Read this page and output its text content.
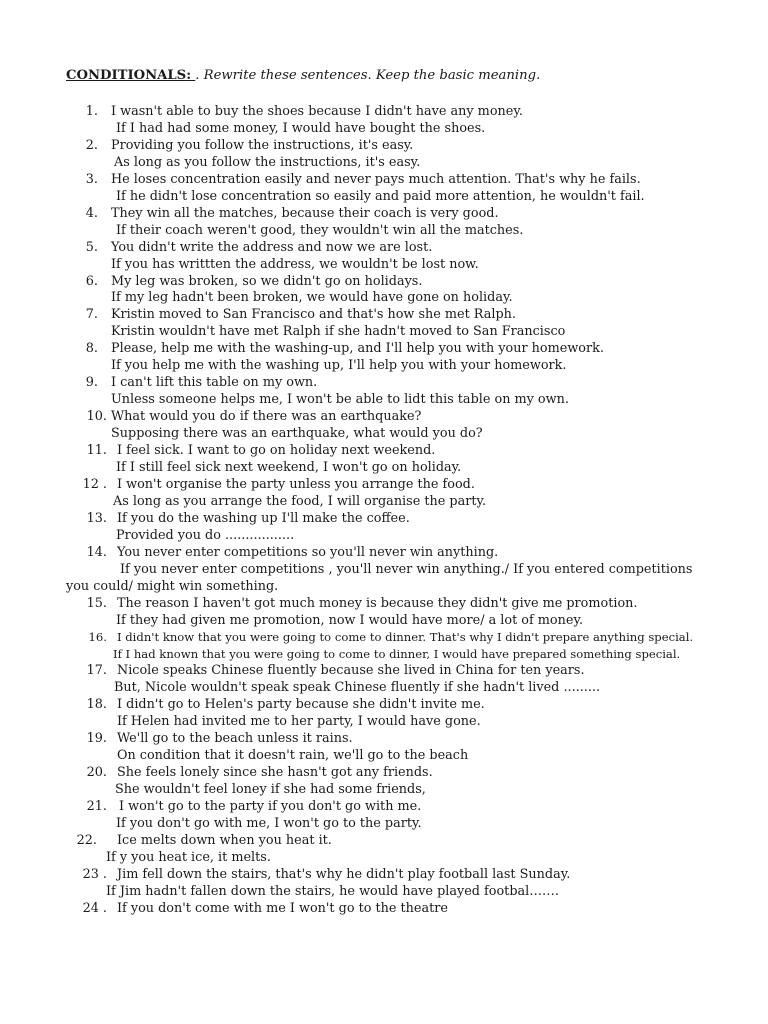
CONDITIONALS: . Rewrite these sentences. Keep the basic meaning.
1. I wasn't able to buy the shoes because I didn't have any money.
If I had had some money, I would have bought the shoes.
2. Providing you follow the instructions, it's easy.
As long as you follow the instructions, it's easy.
3. He loses concentration easily and never pays much attention. That's why he fails.
If he didn't lose concentration so easily and paid more attention, he wouldn't fail.
4. They win all the matches, because their coach is very good.
If their coach weren't good, they wouldn't win all the matches.
5. You didn't write the address and now we are lost.
If you has writtten the address, we wouldn't be lost now.
6. My leg was broken, so we didn't go on holidays.
If my leg hadn't been broken, we would have gone on holiday.
7. Kristin moved to San Francisco and that's how she met Ralph.
Kristin wouldn't have met Ralph if she hadn't moved to San Francisco
8. Please, help me with the washing-up, and I'll help you with your homework.
If you help me with the washing up, I'll help you with your homework.
9. I can't lift this table on my own.
Unless someone helps me, I won't be able to lidt this table on my own.
10. What would you do if there was an earthquake?
Supposing there was an earthquake, what would you do?
11. I feel sick. I want to go on holiday next weekend.
If I still feel sick next weekend, I won't go on holiday.
12 . I won't organise the party unless you arrange the food.
As long as you arrange the food, I will organise the party.
13. If you do the washing up I'll make the coffee.
Provided you do .................
14. You never enter competitions so you'll never win anything.
If you never enter competitions , you'll never win anything./ If you entered competitions
you could/ might win something.
15. The reason I haven't got much money is because they didn't give me promotion.
If they had given me promotion, now I would have more/ a lot of money.
16. I didn't know that you were going to come to dinner. That's why I didn't prepare anything special.
If I had known that you were going to come to dinner, I would have prepared something special.
17. Nicole speaks Chinese fluently because she lived in China for ten years.
But, Nicole wouldn't speak speak Chinese fluently if she hadn't lived .........
18. I didn't go to Helen's party because she didn't invite me.
If Helen had invited me to her party, I would have gone.
19. We'll go to the beach unless it rains.
On condition that it doesn't rain, we'll go to the beach
20. She feels lonely since she hasn't got any friends.
She wouldn't feel loney if she had some friends,
21. I won't go to the party if you don't go with me.
If you don't go with me, I won't go to the party.
22. Ice melts down when you heat it.
If y you heat ice, it melts.
23 . Jim fell down the stairs, that's why he didn't play football last Sunday.
If Jim hadn't fallen down the stairs, he would have played footbal…….
24 . If you don't come with me I won't go to the theatre
